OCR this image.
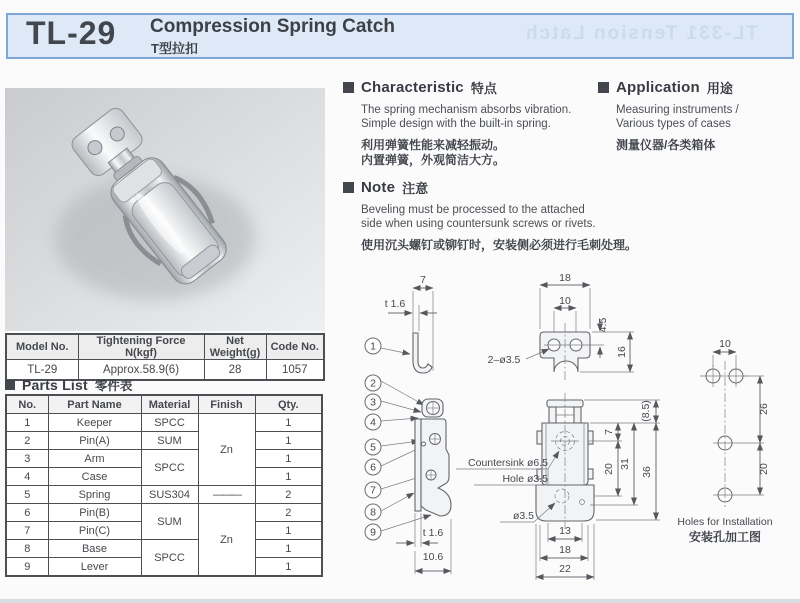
TL-331 Tension Latch
TL-29 Compression Spring Catch
T型拉扣
Characteristic 特点
The spring mechanism absorbs vibration.
Simple design with the built-in spring.
利用弹簧性能来减轻振动。
内置弹簧，外观简洁大方。
Application 用途
Measuring instruments /
Various types of cases
测量仪器/各类箱体
Note 注意
Beveling must be processed to the attached
side when using countersunk screws or rivets.
使用沉头螺钉或铆钉时，安装侧必须进行毛刺处理。
Model No.	Tightening Force N(kgf)	Net Weight(g)	Code No.
TL-29	Approx.58.9(6)	28	1057
Parts List 零件表
No.	Part Name	Material	Finish	Qty.
1	Keeper	SPCC	Zn	1
2	Pin(A)	SUM		1
3	Arm	SPCC		1
4	Case			1
5	Spring	SUS304	———	2
6	Pin(B)	SUM	Zn	2
7	Pin(C)			1
8	Base	SPCC		1
9	Lever			1
7
t 1.6
1
18
10
4.5
16
2–ø3.5
2
3
4
5
6
7
8
9	t 1.6
10.6
7
20 31
(8.5)
36
13
18
22
Countersink ø6.5
Hole ø3.5
ø3.5
10
26
20
Holes for Installation
安装孔加工图
